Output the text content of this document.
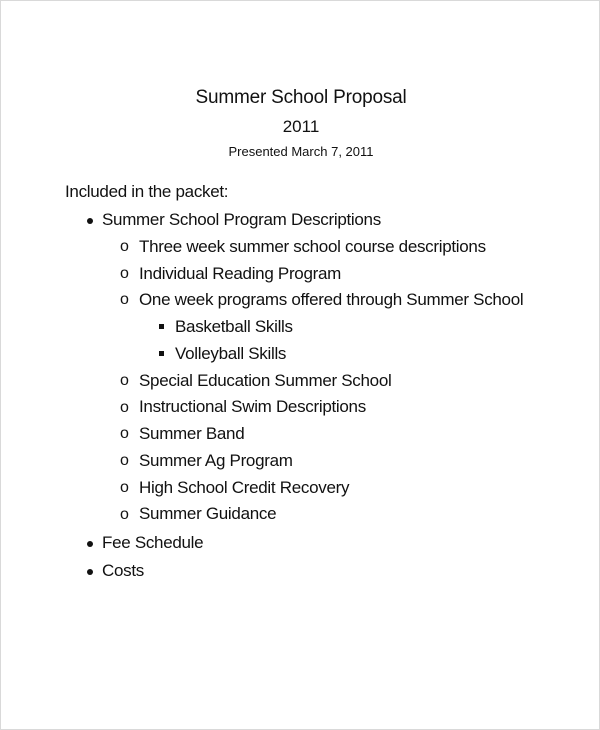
Summer School Proposal
2011
Presented March 7, 2011
Included in the packet:
Summer School Program Descriptions
o Three week summer school course descriptions
o Individual Reading Program
o One week programs offered through Summer School
Basketball Skills
Volleyball Skills
o Special Education Summer School
o Instructional Swim Descriptions
o Summer Band
o Summer Ag Program
o High School Credit Recovery
o Summer Guidance
Fee Schedule
Costs
